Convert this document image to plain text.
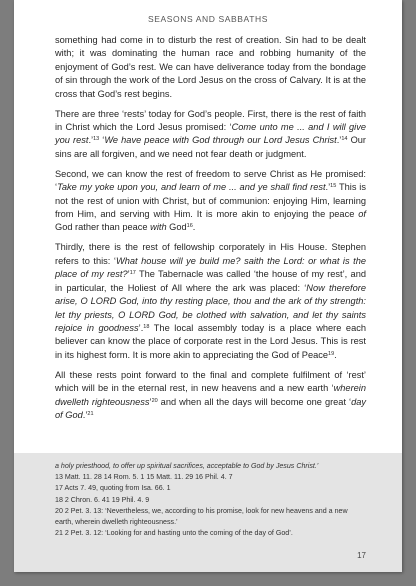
SEASONS AND SABBATHS

something had come in to disturb the rest of creation. Sin had to be dealt with; it was dominating the human race and robbing humanity of the enjoyment of God’s rest. We can have deliverance today from the bondage of sin through the work of the Lord Jesus on the cross of Calvary. It is at the cross that God’s rest begins.

There are three ‘rests’ today for God’s people. First, there is the rest of faith in Christ which the Lord Jesus promised: ‘Come unto me ... and I will give you rest.’$^{13}$ ‘We have peace with God through our Lord Jesus Christ.’$^{14}$ Our sins are all forgiven, and we need not fear death or judgment.

Second, we can know the rest of freedom to serve Christ as He promised: ‘Take my yoke upon you, and learn of me ... and ye shall find rest.’$^{15}$ This is not the rest of union with Christ, but of communion: enjoying Him, learning from Him, and serving with Him. It is more akin to enjoying the peace of God rather than peace with God$^{16}$.

Thirdly, there is the rest of fellowship corporately in His House. Stephen refers to this: ‘What house will ye build me? saith the Lord: or what is the place of my rest?’$^{17}$ The Tabernacle was called ‘the house of my rest’, and in particular, the Holiest of All where the ark was placed: ‘Now therefore arise, O LORD God, into thy resting place, thou and the ark of thy strength: let thy priests, O LORD God, be clothed with salvation, and let thy saints rejoice in goodness’.$^{18}$ The local assembly today is a place where each believer can know the place of corporate rest in the Lord Jesus. This is rest in its highest form. It is more akin to appreciating the God of Peace$^{19}$.

All these rests point forward to the final and complete fulfilment of ‘rest’ which will be in the eternal rest, in new heavens and a new earth ‘wherein dwelleth righteousness’$^{20}$ and when all the days will become one great ‘day of God.’$^{21}$

a holy priesthood, to offer up spiritual sacrifices, acceptable to God by Jesus Christ.’
13 Matt. 11. 28 14 Rom. 5. 1 15 Matt. 11. 29 16 Phil. 4. 7
17 Acts 7. 49, quoting from Isa. 66. 1
18 2 Chron. 6. 41 19 Phil. 4. 9
20 2 Pet. 3. 13: ‘Nevertheless, we, according to his promise, look for new heavens and a new earth, wherein dwelleth righteousness.’
21 2 Pet. 3. 12: ‘Looking for and hasting unto the coming of the day of God’.
17
